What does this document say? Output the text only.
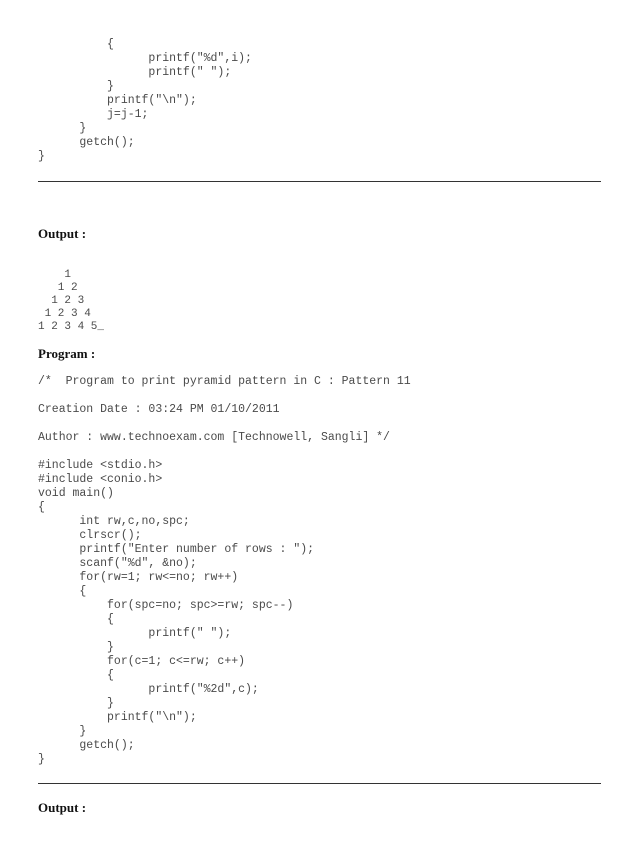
{
printf("%d",i);
printf(" ");
}
printf("\n");
j=j-1;
}
getch();
}
Output :
1
1 2
1 2 3
1 2 3 4
1 2 3 4 5_
Program :
/*  Program to print pyramid pattern in C : Pattern 11
Creation Date : 03:24 PM 01/10/2011
Author : www.technoexam.com [Technowell, Sangli] */
#include <stdio.h>
#include <conio.h>
void main()
{
int rw,c,no,spc;
clrscr();
printf("Enter number of rows : ");
scanf("%d", &no);
for(rw=1; rw<=no; rw++)
{
for(spc=no; spc>=rw; spc--)
{
printf(" ");
}
for(c=1; c<=rw; c++)
{
printf("%2d",c);
}
printf("\n");
}
getch();
}
Output :
